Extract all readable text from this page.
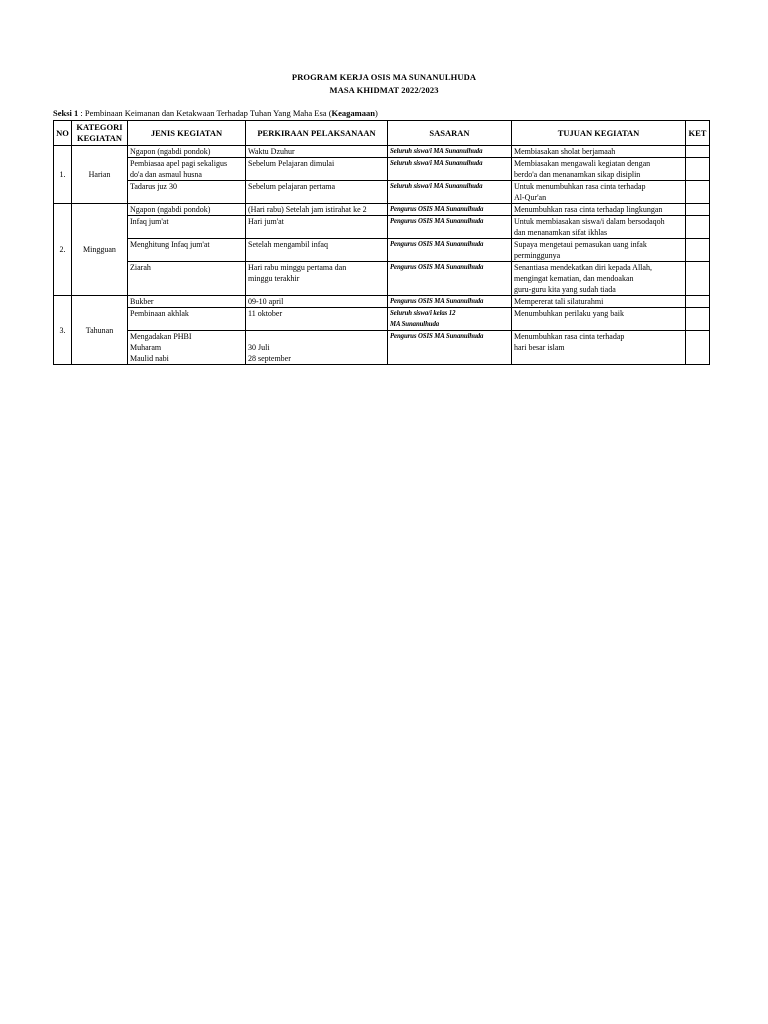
PROGRAM KERJA OSIS MA SUNANULHUDA
MASA KHIDMAT 2022/2023
Seksi 1 : Pembinaan Keimanan dan Ketakwaan Terhadap Tuhan Yang Maha Esa (Keagamaan)
NO	KATEGORI KEGIATAN	JENIS KEGIATAN	PERKIRAAN PELAKSANAAN	SASARAN	TUJUAN KEGIATAN	KET
1.	Harian	Ngapon (ngabdi pondok)	Waktu Dzuhur	Seluruh siswa/i MA Sunanulhuda	Membiasakan sholat berjamaah	

		Pembiasaa apel pagi sekaligus
do'a dan asmaul husna	Sebelum Pelajaran dimulai	Seluruh siswa/i MA Sunanulhuda	Membiasakan mengawali kegiatan dengan
berdo'a dan menanamkan sikap disiplin	

		Tadarus juz 30	Sebelum pelajaran pertama	Seluruh siswa/i MA Sunanulhuda	Untuk menumbuhkan rasa cinta terhadap
Al-Qur'an	

2.	Mingguan	Ngapon (ngabdi pondok)	(Hari rabu) Setelah jam istirahat ke 2	Pengurus OSIS MA Sunanulhuda	Menumbuhkan rasa cinta terhadap lingkungan	

		Infaq jum'at	Hari jum'at	Pengurus OSIS MA Sunanulhuda	Untuk membiasakan siswa/i dalam bersodaqoh
dan menanamkan sifat ikhlas	

		Menghitung Infaq jum'at	Setelah mengambil infaq	Pengurus OSIS MA Sunanulhuda	Supaya mengetaui pemasukan uang infak
perminggunya	

		Ziarah	Hari rabu minggu pertama dan
minggu terakhir	Pengurus OSIS MA Sunanulhuda	Senantiasa mendekatkan diri kepada Allah,
mengingat kematian, dan mendoakan
guru-guru kita yang sudah tiada	

3.	Tahunan	Bukber	09-10 april	Pengurus OSIS MA Sunanulhuda	Mempererat tali silaturahmi	

		Pembinaan akhlak	11 oktober	Seluruh siswa/i kelas 12
MA Sunanulhuda	Menumbuhkan perilaku yang baik	

		Mengadakan PHBI
Muharam
Maulid nabi	30 Juli
28 september	Pengurus OSIS MA Sunanulhuda	Menumbuhkan rasa cinta terhadap
hari besar islam	
